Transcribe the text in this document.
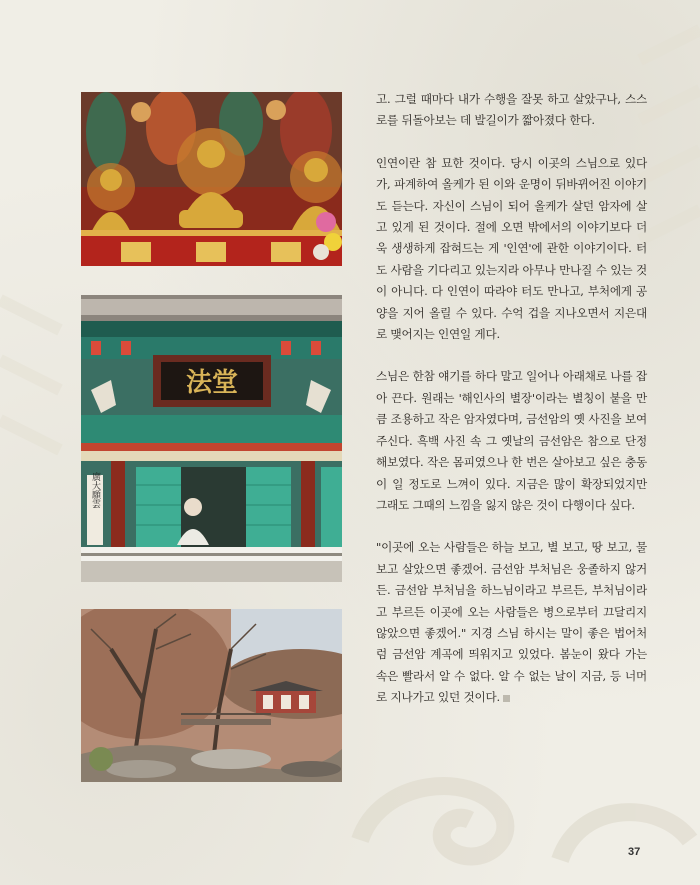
法堂
廣大願雲

고. 그럴 때마다 내가 수행을 잘못 하고 살았구나, 스스로를 뒤돌아보는 데 발길이가 짧아졌다 한다.

인연이란 참 묘한 것이다. 당시 이곳의 스님으로 있다가, 파계하여 올케가 된 이와 운명이 뒤바뀌어진 이야기도 듣는다. 자신이 스님이 되어 올케가 살던 암자에 살고 있게 된 것이다. 절에 오면 밖에서의 이야기보다 더욱 생생하게 잡혀드는 게 '인연'에 관한 이야기이다. 터도 사람을 기다리고 있는지라 아무나 만나질 수 있는 것이 아니다. 다 인연이 따라야 터도 만나고, 부처에게 공양을 지어 올릴 수 있다. 수억 겁을 지나오면서 지은대로 맺어지는 인연일 게다.

스님은 한참 얘기를 하다 말고 일어나 아래채로 나를 잡아 끈다. 원래는 '해인사의 별장'이라는 별칭이 붙을 만큼 조용하고 작은 암자였다며, 금선암의 옛 사진을 보여주신다. 흑백 사진 속 그 옛날의 금선암은 참으로 단정해보였다. 작은 몸피였으나 한 번은 살아보고 싶은 충동이 일 정도로 느껴이 있다. 지금은 많이 확장되었지만 그래도 그때의 느낌을 잃지 않은 것이 다행이다 싶다.

"이곳에 오는 사람들은 하늘 보고, 별 보고, 땅 보고, 물 보고 살았으면 좋겠어. 금선암 부처님은 웅졸하지 않거든. 금선암 부처님을 하느님이라고 부르든, 부처님이라고 부르든 이곳에 오는 사람들은 병으로부터 끄달리지 않았으면 좋겠어." 지경 스님 하시는 말이 좋은 법어처럼 금선암 계곡에 띄워지고 있었다. 봄눈이 왔다 가는 속은 빨라서 알 수 없다. 알 수 없는 날이 지금, 등 너머로 지나가고 있던 것이다.

37
